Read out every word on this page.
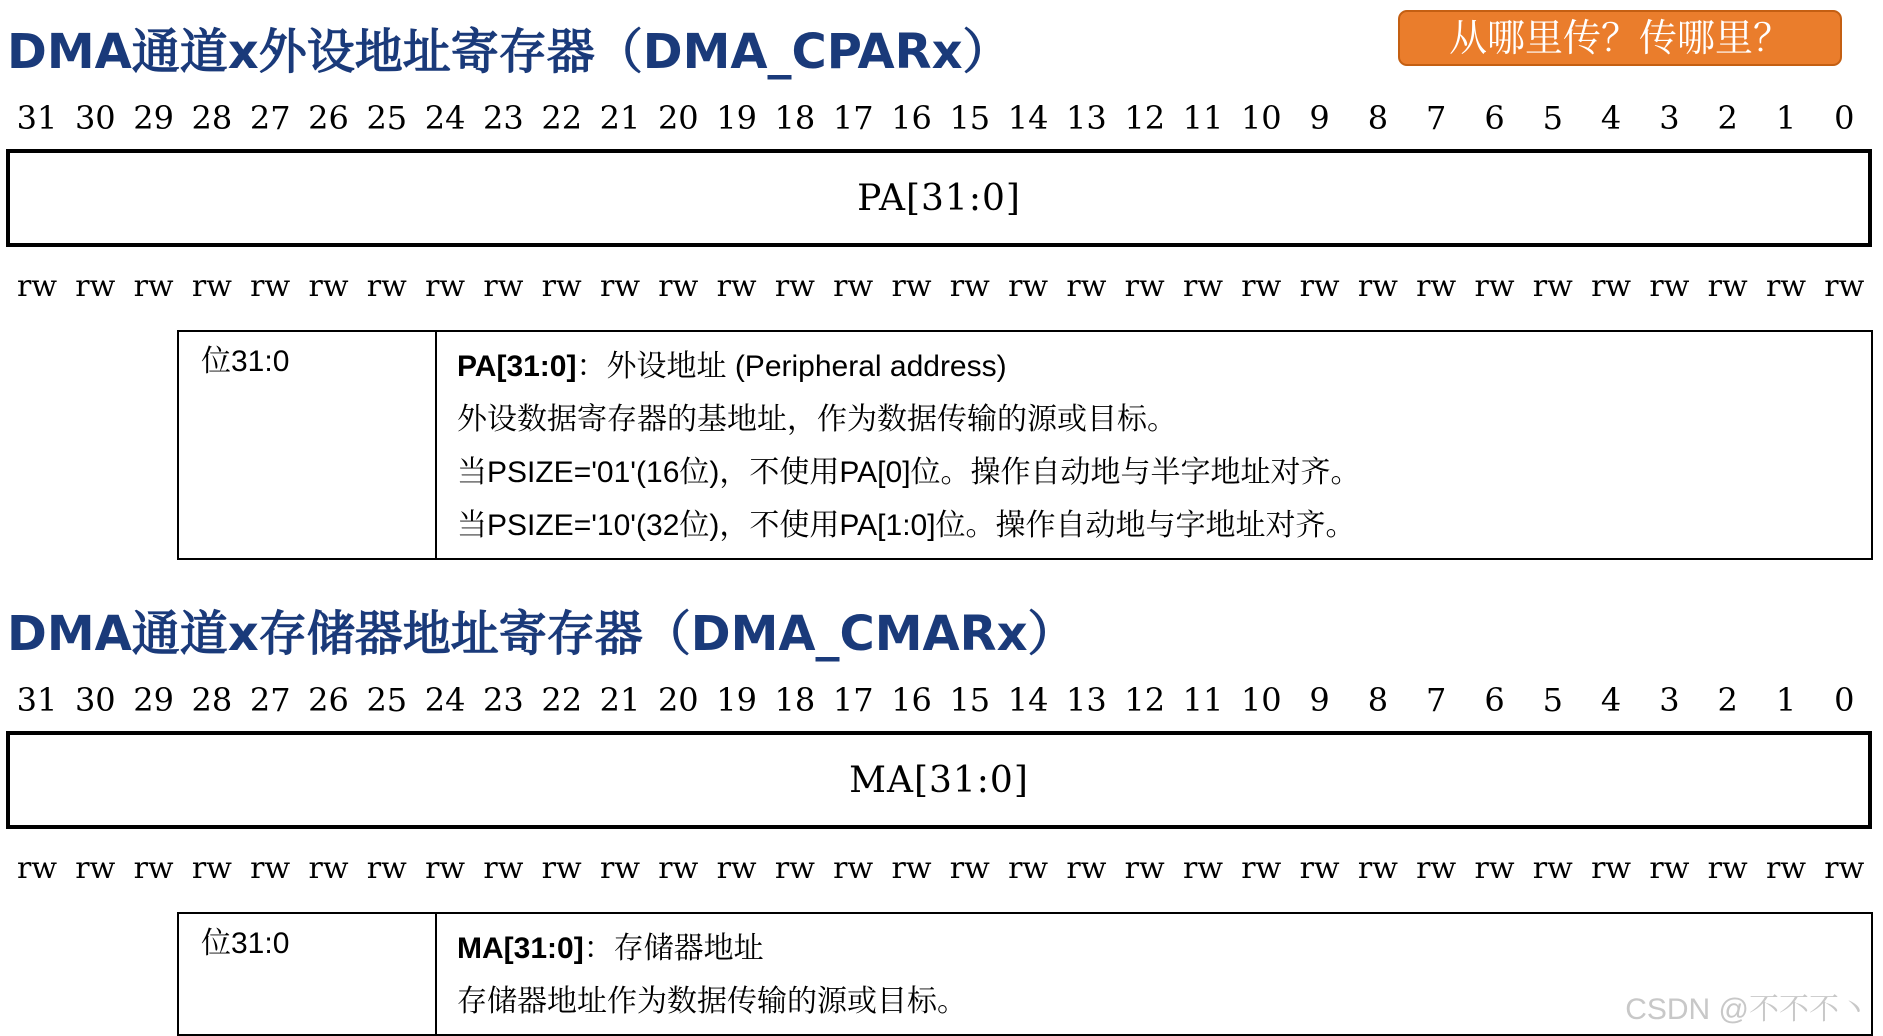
DMA通道x外设地址寄存器（DMA_CPARx）	从哪里传？传哪里？
31 30 29 28 27 26 25 24 23 22 21 20 19 18 17 16 15 14 13 12 11 10 9	8	7	6	5	4	3	2	1	0
PA[31:0]
rw rw rw rw rw rw rw rw rw rw rw rw rw rw rw rw rw rw rw rw rw rw rw rw rw rw rw rw rw rw rw rw
位31:0	PA[31:0]：外设地址 (Peripheral address)
外设数据寄存器的基地址，作为数据传输的源或目标。
当PSIZE='01'(16位)，不使用PA[0]位。操作自动地与半字地址对齐。
当PSIZE='10'(32位)，不使用PA[1:0]位。操作自动地与字地址对齐。
DMA通道x存储器地址寄存器（DMA_CMARx）
31 30 29 28 27 26 25 24 23 22 21 20 19 18 17 16 15 14 13 12 11 10 9	8	7	6	5	4	3	2	1	0
MA[31:0]
rw rw rw rw rw rw rw rw rw rw rw rw rw rw rw rw rw rw rw rw rw rw rw rw rw rw rw rw rw rw rw rw
位31:0	MA[31:0]：存储器地址
存储器地址作为数据传输的源或目标。	CSDN @不不不丶
